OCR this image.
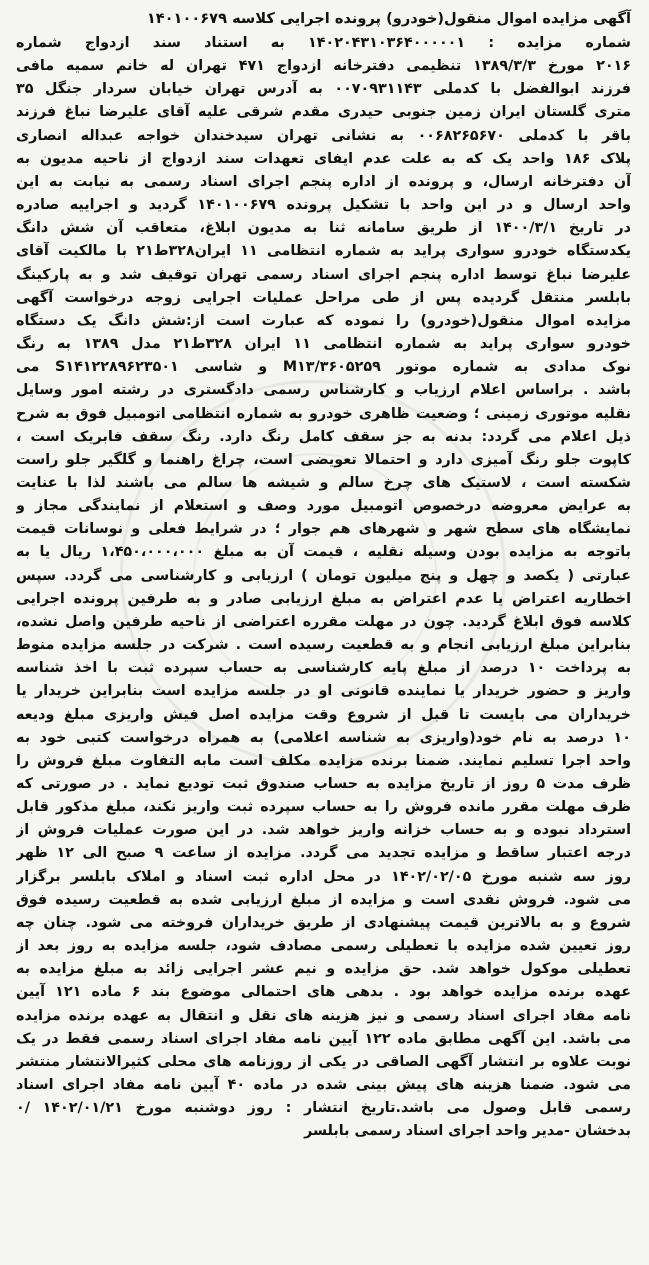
آگهی مزایده اموال منقول(خودرو) پرونده اجرایی کلاسه ۱۴۰۱۰۰۶۷۹
شماره مزایده : ۱۴۰۲۰۴۳۱۰۳۶۴۰۰۰۰۰۱ به استناد سند ازدواج شماره
۲۰۱۶ مورخ ۱۳۸۹/۳/۳ تنظیمی دفترخانه ازدواج ۴۷۱ تهران له خانم سمیه مافی
فرزند ابوالفضل با کدملی ۰۰۷۰۹۳۱۱۴۳ به آدرس تهران خیابان سردار جنگل ۳۵
متری گلستان ایران زمین جنوبی حیدری مقدم شرقی علیه آقای علیرضا نباغ فرزند
باقر با کدملی ۰۰۶۸۲۶۵۶۷۰ به نشانی تهران سیدخندان خواجه عبداله انصاری
پلاک ۱۸۶ واحد یک که به علت عدم ایفای تعهدات سند ازدواج از ناحیه مدیون به
آن دفترخانه ارسال، و پرونده از اداره پنجم اجرای اسناد رسمی به نیابت به این
واحد ارسال و در این واحد با تشکیل پرونده ۱۴۰۱۰۰۶۷۹ گردید و اجراییه صادره
در تاریخ ۱۴۰۰/۳/۱ از طریق سامانه ثنا به مدیون ابلاغ، متعاقب آن شش دانگ
یکدستگاه خودرو سواری پراید به شماره انتظامی ۱۱ ایران۳۲۸ط۲۱ با مالکیت آقای
علیرضا نباغ توسط اداره پنجم اجرای اسناد رسمی تهران توقیف شد و به پارکینگ
بابلسر منتقل گردیده پس از طی مراحل عملیات اجرایی زوجه درخواست آگهی
مزایده اموال منقول(خودرو) را نموده که عبارت است از:شش دانگ یک دستگاه
خودرو سواری پراید به شماره انتظامی ۱۱ ایران ۳۲۸ط۲۱ مدل ۱۳۸۹ به رنگ
نوک مدادی به شماره موتور ۳۶۰۵۲۵۹/M۱۳ و شاسی S۱۴۱۲۲۸۹۶۲۳۵۰۱ می
باشد . براساس اعلام ارزیاب و کارشناس رسمی دادگستری در رشته امور وسایل
نقلیه موتوری زمینی ؛ وضعیت ظاهری خودرو به شماره انتظامی اتومبیل فوق به شرح
ذیل اعلام می گردد: بدنه به جز سقف کامل رنگ دارد. رنگ سقف فابریک است ،
کاپوت جلو رنگ آمیزی دارد و احتمالا تعویضی است، چراغ راهنما و گلگیر جلو راست
شکسته است ، لاستیک های چرخ سالم و شیشه ها سالم می باشند لذا با عنایت
به عرایض معروضه درخصوص اتومبیل مورد وصف و استعلام از نمایندگی مجاز و
نمایشگاه های سطح شهر و شهرهای هم جوار ؛ در شرایط فعلی و نوسانات قیمت
باتوجه به مزایده بودن وسیله نقلیه ، قیمت آن به مبلغ ۱،۴۵۰،۰۰۰،۰۰۰ ریال یا به
عبارتی ( یکصد و چهل و پنج میلیون تومان ) ارزیابی و کارشناسی می گردد. سپس
اخطاریه اعتراض یا عدم اعتراض به مبلغ ارزیابی صادر و به طرفین پرونده اجرایی
کلاسه فوق ابلاغ گردید. چون در مهلت مقرره اعتراضی از ناحیه طرفین واصل نشده،
بنابراین مبلغ ارزیابی انجام و به قطعیت رسیده است . شرکت در جلسه مزایده منوط
به پرداخت ۱۰ درصد از مبلغ پایه کارشناسی به حساب سپرده ثبت با اخذ شناسه
واریز و حضور خریدار یا نماینده قانونی او در جلسه مزایده است بنابراین خریدار یا
خریداران می بایست تا قبل از شروع وقت مزایده اصل فیش واریزی مبلغ ودیعه
۱۰ درصد به نام خود(واریزی به شناسه اعلامی) به همراه درخواست کتبی خود به
واحد اجرا تسلیم نمایند. ضمنا برنده مزایده مکلف است مابه التفاوت مبلغ فروش را
ظرف مدت ۵ روز از تاریخ مزایده به حساب صندوق ثبت تودیع نماید . در صورتی که
ظرف مهلت مقرر مانده فروش را به حساب سپرده ثبت واریز نکند، مبلغ مذکور قابل
استرداد نبوده و به حساب خزانه واریز خواهد شد. در این صورت عملیات فروش از
درجه اعتبار ساقط و مزایده تجدید می گردد. مزایده از ساعت ۹ صبح الی ۱۲ ظهر
روز سه شنبه مورخ ۱۴۰۲/۰۲/۰۵ در محل اداره ثبت اسناد و املاک بابلسر برگزار
می شود. فروش نقدی است و مزایده از مبلغ ارزیابی شده به قطعیت رسیده فوق
شروع و به بالاترین قیمت پیشنهادی از طریق خریداران فروخته می شود. چنان چه
روز تعیین شده مزایده با تعطیلی رسمی مصادف شود، جلسه مزایده به روز بعد از
تعطیلی موکول خواهد شد. حق مزایده و نیم عشر اجرایی زائد به مبلغ مزایده به
عهده برنده مزایده خواهد بود . بدهی های احتمالی موضوع بند ۶ ماده ۱۲۱ آیین
نامه مفاد اجرای اسناد رسمی و نیز هزینه های نقل و انتقال به عهده برنده مزایده
می باشد. این آگهی مطابق ماده ۱۲۲ آیین نامه مفاد اجرای اسناد رسمی فقط در یک
نوبت علاوه بر انتشار آگهی الصاقی در یکی از روزنامه های محلی کثیرالانتشار منتشر
می شود. ضمنا هزینه های پیش بینی شده در ماده ۴۰ آیین نامه مفاد اجرای اسناد
رسمی قابل وصول می باشد.تاریخ انتشار : روز دوشنبه مورخ ۱۴۰۲/۰۱/۲۱ /۰
بدخشان -مدیر واحد اجرای اسناد رسمی بابلسر
